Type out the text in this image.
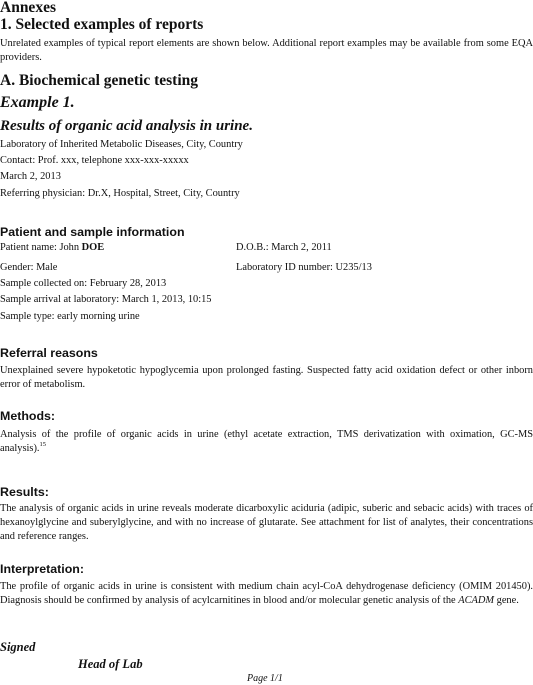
Annexes
1. Selected examples of reports
Unrelated examples of typical report elements are shown below. Additional report examples may be available from some EQA providers.
A. Biochemical genetic testing
Example 1.
Results of organic acid analysis in urine.
Laboratory of Inherited Metabolic Diseases, City, Country
Contact: Prof. xxx, telephone xxx-xxx-xxxxx
March 2, 2013
Referring physician: Dr.X, Hospital, Street, City, Country
Patient and sample information
Patient name: John DOE	D.O.B.: March 2, 2011
Gender: Male	Laboratory ID number: U235/13
Sample collected on: February 28, 2013
Sample arrival at laboratory: March 1, 2013, 10:15
Sample type: early morning urine
Referral reasons
Unexplained severe hypoketotic hypoglycemia upon prolonged fasting. Suspected fatty acid oxidation defect or other inborn error of metabolism.
Methods:
Analysis of the profile of organic acids in urine (ethyl acetate extraction, TMS derivatization with oximation, GC-MS analysis).$^{15}$
Results:
The analysis of organic acids in urine reveals moderate dicarboxylic aciduria (adipic, suberic and sebacic acids) with traces of hexanoylglycine and suberylglycine, and with no increase of glutarate. See attachment for list of analytes, their concentrations and reference ranges.
Interpretation:
The profile of organic acids in urine is consistent with medium chain acyl-CoA dehydrogenase deficiency (OMIM 201450). Diagnosis should be confirmed by analysis of acylcarnitines in blood and/or molecular genetic analysis of the ACADM gene.
Signed
Head of Lab
Page 1/1
